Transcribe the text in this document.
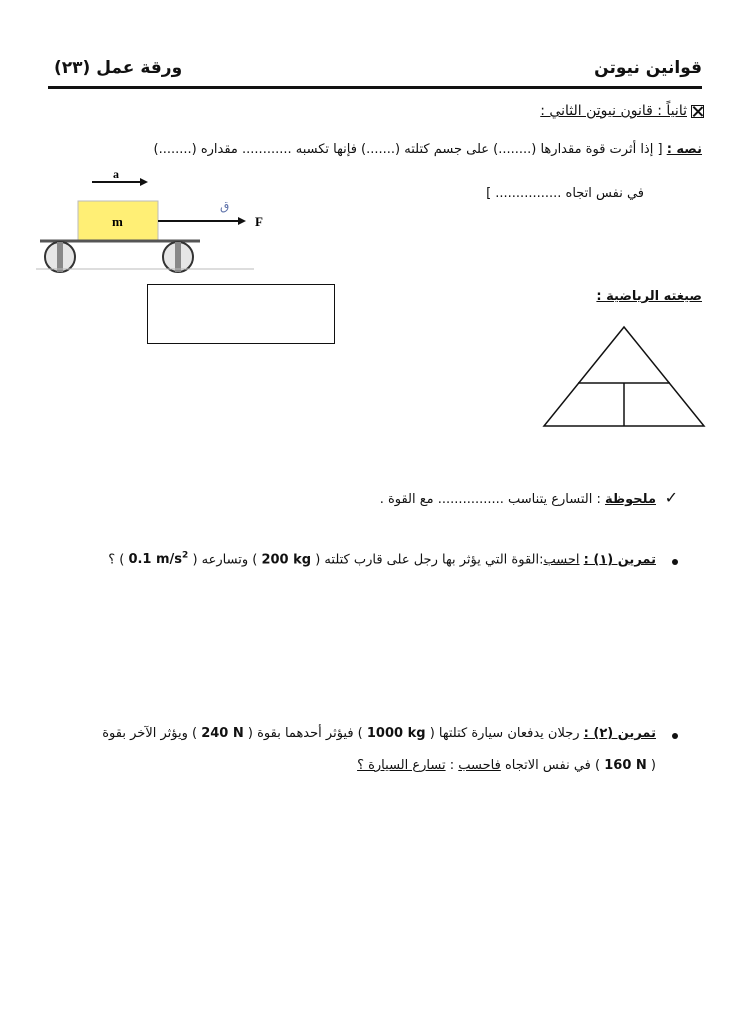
قوانين نيوتن
ورقة عمل (٢٣)
ثانياً : قانون نيوتن الثاني :
نصه : [ إذا أثرت قوة مقدارها (........) على جسم كتلته (.......) فإنها تكسبه ............ مقداره (........)
في نفس اتجاه ................ ]
a
m
ق
F
صيغته الرياضية :
✓
ملحوظة : التسارع يتناسب ................ مع القوة .
تمرين (١) : احسب:القوة التي يؤثر بها رجل على قارب كتلته ( 200 kg ) وتسارعه ( 0.1 $m/s^2$ ) ؟
تمرين (٢) : رجلان يدفعان سيارة كتلتها ( 1000 kg ) فيؤثر أحدهما بقوة ( 240 N ) ويؤثر الآخر بقوة
( 160 N ) في نفس الاتجاه فاحسب : تسارع السيارة ؟
